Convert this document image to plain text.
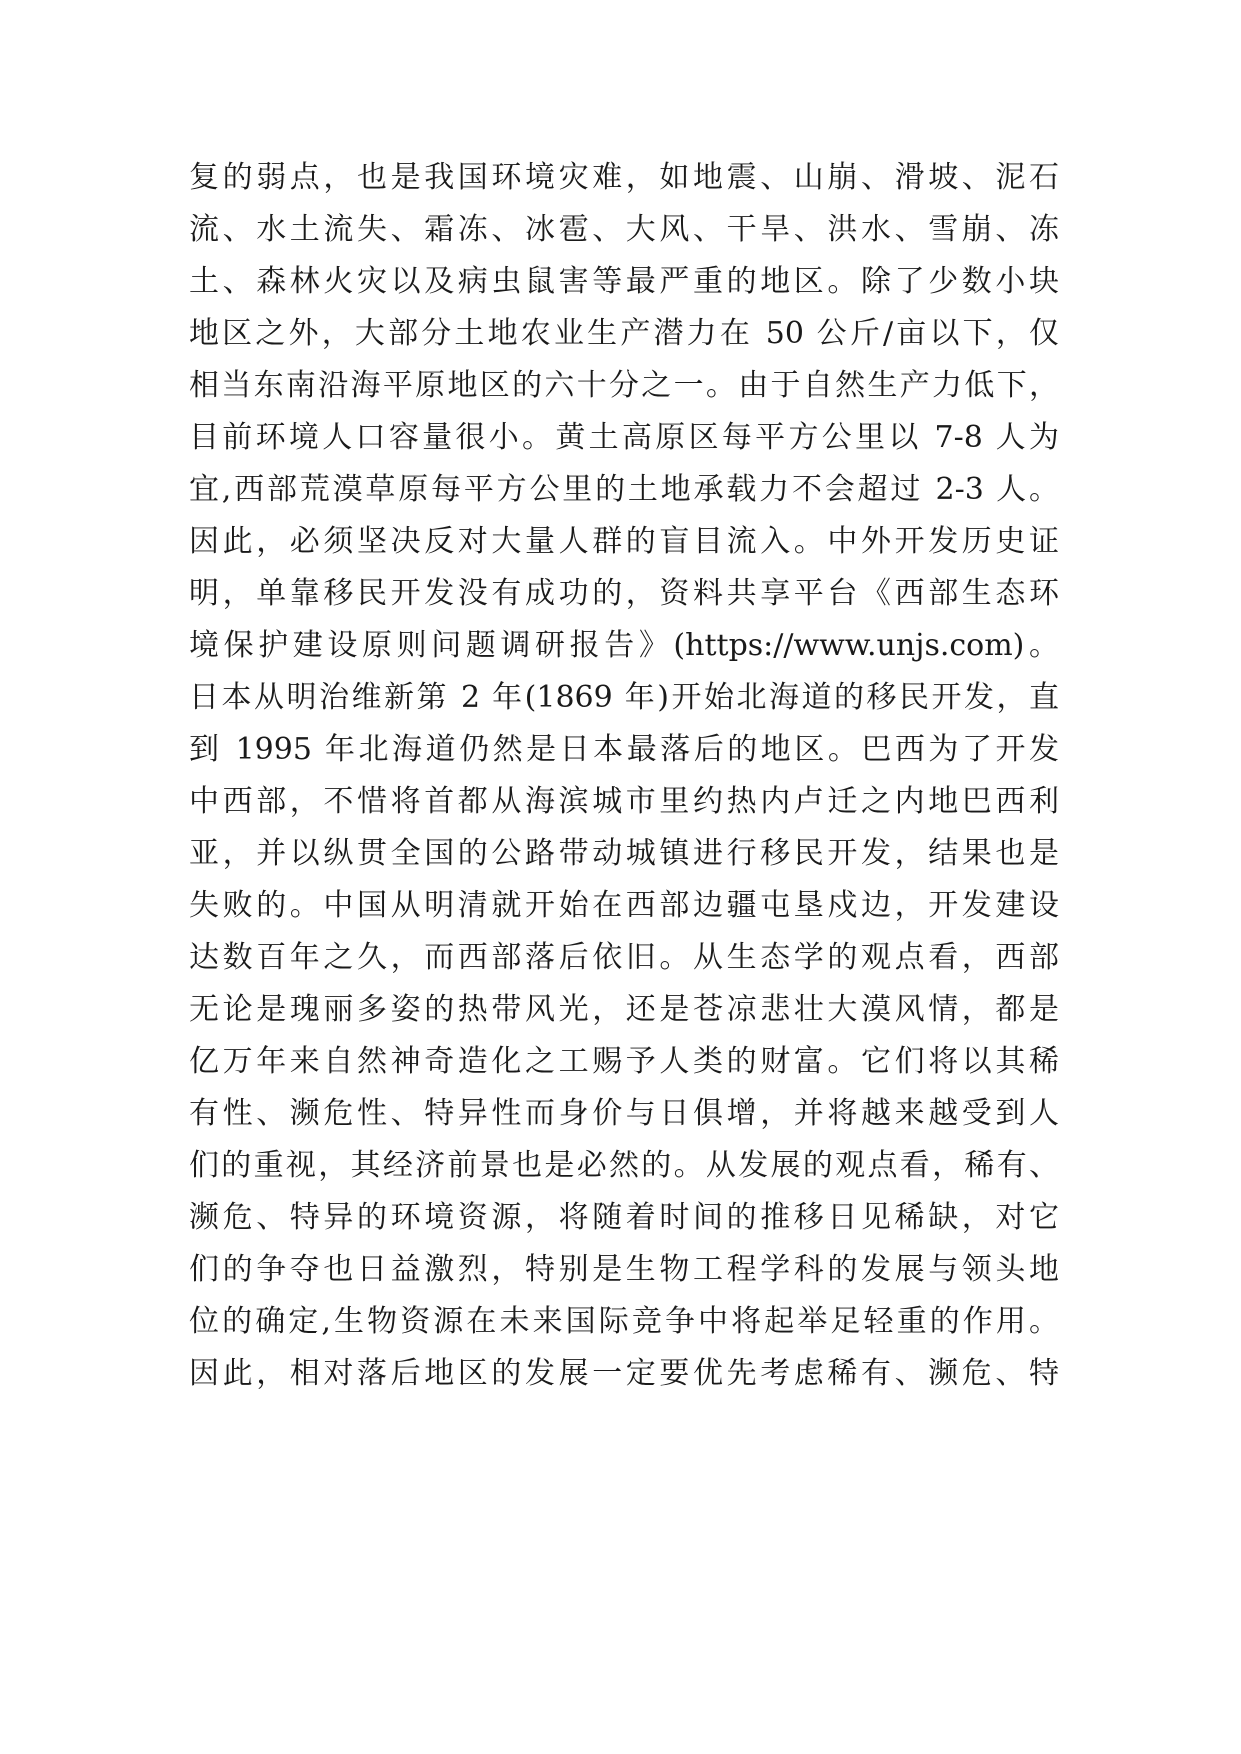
复的弱点，也是我国环境灾难，如地震、山崩、滑坡、泥石
流、水土流失、霜冻、冰雹、大风、干旱、洪水、雪崩、冻
土、森林火灾以及病虫鼠害等最严重的地区。除了少数小块
地区之外，大部分土地农业生产潜力在 50 公斤/亩以下，仅
相当东南沿海平原地区的六十分之一。由于自然生产力低下，
目前环境人口容量很小。黄土高原区每平方公里以 7-8 人为
宜,西部荒漠草原每平方公里的土地承载力不会超过 2-3 人。
因此，必须坚决反对大量人群的盲目流入。中外开发历史证
明，单靠移民开发没有成功的，资料共享平台《西部生态环
境保护建设原则问题调研报告》(https://www.unjs.com)。
日本从明治维新第 2 年(1869 年)开始北海道的移民开发，直
到 1995 年北海道仍然是日本最落后的地区。巴西为了开发
中西部，不惜将首都从海滨城市里约热内卢迁之内地巴西利
亚，并以纵贯全国的公路带动城镇进行移民开发，结果也是
失败的。中国从明清就开始在西部边疆屯垦戍边，开发建设
达数百年之久，而西部落后依旧。从生态学的观点看，西部
无论是瑰丽多姿的热带风光，还是苍凉悲壮大漠风情，都是
亿万年来自然神奇造化之工赐予人类的财富。它们将以其稀
有性、濒危性、特异性而身价与日俱增，并将越来越受到人
们的重视，其经济前景也是必然的。从发展的观点看，稀有、
濒危、特异的环境资源，将随着时间的推移日见稀缺，对它
们的争夺也日益激烈，特别是生物工程学科的发展与领头地
位的确定,生物资源在未来国际竞争中将起举足轻重的作用。
因此，相对落后地区的发展一定要优先考虑稀有、濒危、特
